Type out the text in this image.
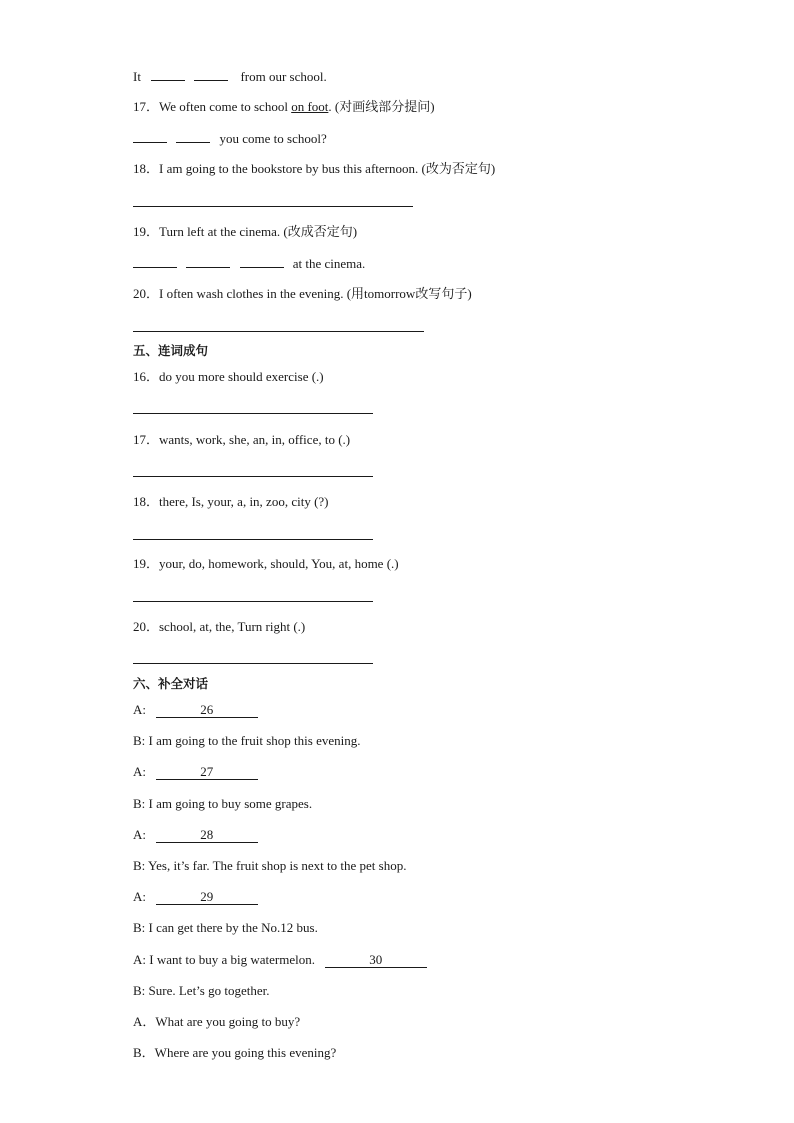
It	from our school.
17．We often come to school on foot. (对画线部分提问)
you come to school?
18．I am going to the bookstore by bus this afternoon. (改为否定句)
19．Turn left at the cinema. (改成否定句)
at the cinema.
20．I often wash clothes in the evening. (用tomorrow改写句子)
五、连词成句
16．do you more should exercise (.)
17．wants, work, she, an, in, office, to (.)
18．there, Is, your, a, in, zoo, city (?)
19．your, do, homework, should, You, at, home (.)
20．school, at, the, Turn right (.)
六、补全对话
A:	26
B: I am going to the fruit shop this evening.
A:	27
B: I am going to buy some grapes.
A:	28
B: Yes, it’s far. The fruit shop is next to the pet shop.
A:	29
B: I can get there by the No.12 bus.
A: I want to buy a big watermelon.	30
B: Sure. Let’s go together.
A．What are you going to buy?
B．Where are you going this evening?
